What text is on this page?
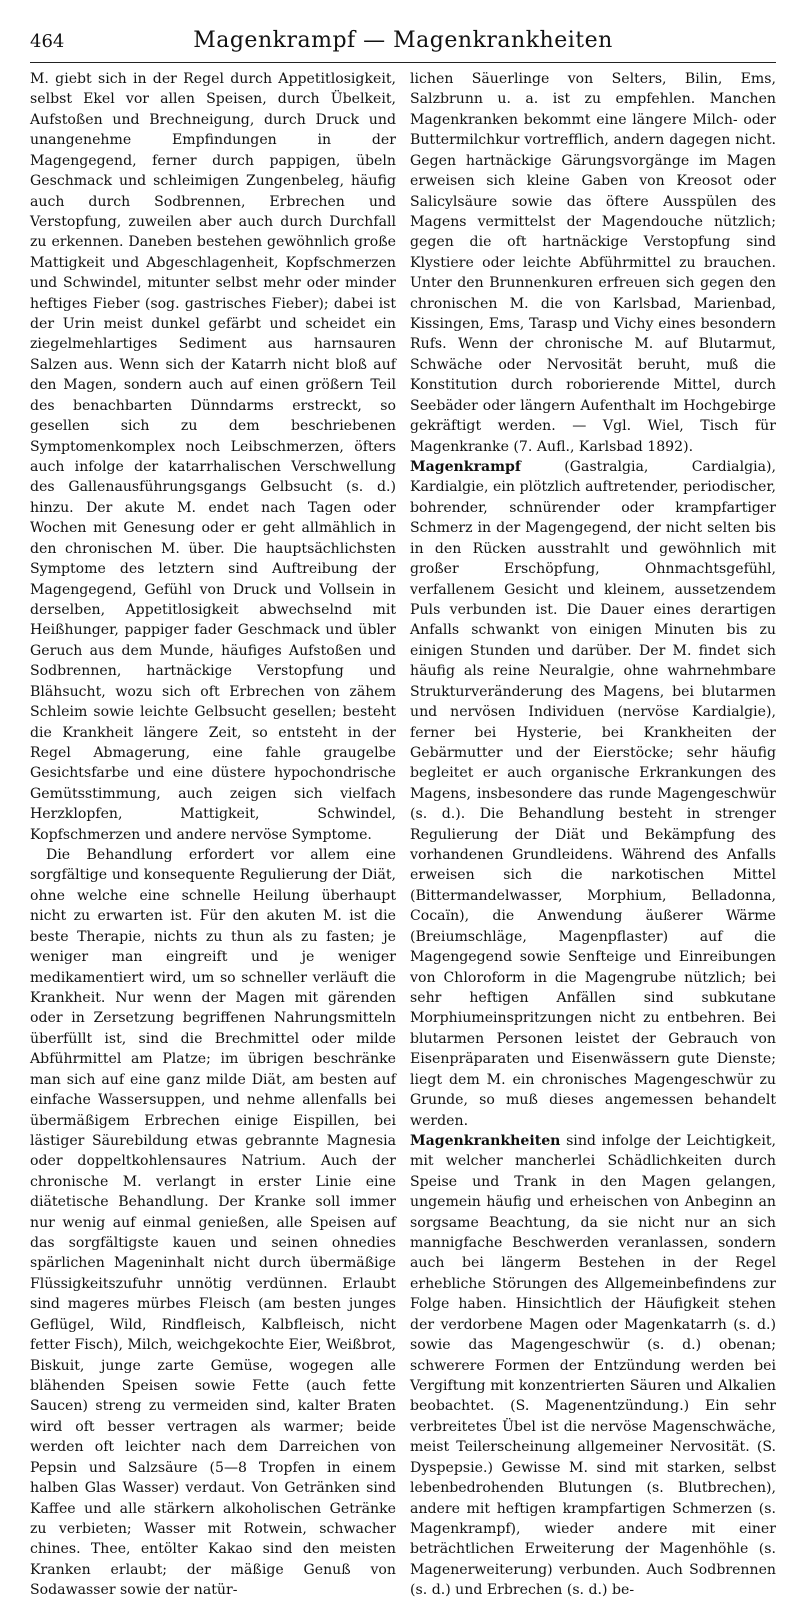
464	Magenkrampf — Magenkrankheiten

M. giebt sich in der Regel durch Appetitlosigkeit, selbst Ekel vor allen Speisen, durch Übelkeit, Aufstoßen und Brechneigung, durch Druck und unangenehme Empfindungen in der Magengegend, ferner durch pappigen, übeln Geschmack und schleimigen Zungenbeleg, häufig auch durch Sodbrennen, Erbrechen und Verstopfung, zuweilen aber auch durch Durchfall zu erkennen. Daneben bestehen gewöhnlich große Mattigkeit und Abgeschlagenheit, Kopfschmerzen und Schwindel, mitunter selbst mehr oder minder heftiges Fieber (sog. gastrisches Fieber); dabei ist der Urin meist dunkel gefärbt und scheidet ein ziegelmehlartiges Sediment aus harnsauren Salzen aus. Wenn sich der Katarrh nicht bloß auf den Magen, sondern auch auf einen größern Teil des benachbarten Dünndarms erstreckt, so gesellen sich zu dem beschriebenen Symptomenkomplex noch Leibschmerzen, öfters auch infolge der katarrhalischen Verschwellung des Gallenausführungsgangs Gelbsucht (s. d.) hinzu. Der akute M. endet nach Tagen oder Wochen mit Genesung oder er geht allmählich in den chronischen M. über. Die hauptsächlichsten Symptome des letztern sind Auftreibung der Magengegend, Gefühl von Druck und Vollsein in derselben, Appetitlosigkeit abwechselnd mit Heißhunger, pappiger fader Geschmack und übler Geruch aus dem Munde, häufiges Aufstoßen und Sodbrennen, hartnäckige Verstopfung und Blähsucht, wozu sich oft Erbrechen von zähem Schleim sowie leichte Gelbsucht gesellen; besteht die Krankheit längere Zeit, so entsteht in der Regel Abmagerung, eine fahle graugelbe Gesichtsfarbe und eine düstere hypochondrische Gemütsstimmung, auch zeigen sich vielfach Herzklopfen, Mattigkeit, Schwindel, Kopfschmerzen und andere nervöse Symptome.

Die Behandlung erfordert vor allem eine sorgfältige und konsequente Regulierung der Diät, ohne welche eine schnelle Heilung überhaupt nicht zu erwarten ist. Für den akuten M. ist die beste Therapie, nichts zu thun als zu fasten; je weniger man eingreift und je weniger medikamentiert wird, um so schneller verläuft die Krankheit. Nur wenn der Magen mit gärenden oder in Zersetzung begriffenen Nahrungsmitteln überfüllt ist, sind die Brechmittel oder milde Abführmittel am Platze; im übrigen beschränke man sich auf eine ganz milde Diät, am besten auf einfache Wassersuppen, und nehme allenfalls bei übermäßigem Erbrechen einige Eispillen, bei lästiger Säurebildung etwas gebrannte Magnesia oder doppeltkohlensaures Natrium. Auch der chronische M. verlangt in erster Linie eine diätetische Behandlung. Der Kranke soll immer nur wenig auf einmal genießen, alle Speisen auf das sorgfältigste kauen und seinen ohnedies spärlichen Mageninhalt nicht durch übermäßige Flüssigkeitszufuhr unnötig verdünnen. Erlaubt sind mageres mürbes Fleisch (am besten junges Geflügel, Wild, Rindfleisch, Kalbfleisch, nicht fetter Fisch), Milch, weichgekochte Eier, Weißbrot, Biskuit, junge zarte Gemüse, wogegen alle blähenden Speisen sowie Fette (auch fette Saucen) streng zu vermeiden sind, kalter Braten wird oft besser vertragen als warmer; beide werden oft leichter nach dem Darreichen von Pepsin und Salzsäure (5—8 Tropfen in einem halben Glas Wasser) verdaut. Von Getränken sind Kaffee und alle stärkern alkoholischen Getränke zu verbieten; Wasser mit Rotwein, schwacher chines. Thee, entölter Kakao sind den meisten Kranken erlaubt; der mäßige Genuß von Sodawasser sowie der natür-

lichen Säuerlinge von Selters, Bilin, Ems, Salzbrunn u. a. ist zu empfehlen. Manchen Magenkranken bekommt eine längere Milch- oder Buttermilchkur vortrefflich, andern dagegen nicht. Gegen hartnäckige Gärungsvorgänge im Magen erweisen sich kleine Gaben von Kreosot oder Salicylsäure sowie das öftere Ausspülen des Magens vermittelst der Magendouche nützlich; gegen die oft hartnäckige Verstopfung sind Klystiere oder leichte Abführmittel zu brauchen. Unter den Brunnenkuren erfreuen sich gegen den chronischen M. die von Karlsbad, Marienbad, Kissingen, Ems, Tarasp und Vichy eines besondern Rufs. Wenn der chronische M. auf Blutarmut, Schwäche oder Nervosität beruht, muß die Konstitution durch roborierende Mittel, durch Seebäder oder längern Aufenthalt im Hochgebirge gekräftigt werden. — Vgl. Wiel, Tisch für Magenkranke (7. Aufl., Karlsbad 1892).

Magenkrampf (Gastralgia, Cardialgia), Kardialgie, ein plötzlich auftretender, periodischer, bohrender, schnürender oder krampfartiger Schmerz in der Magengegend, der nicht selten bis in den Rücken ausstrahlt und gewöhnlich mit großer Erschöpfung, Ohnmachtsgefühl, verfallenem Gesicht und kleinem, aussetzendem Puls verbunden ist. Die Dauer eines derartigen Anfalls schwankt von einigen Minuten bis zu einigen Stunden und darüber. Der M. findet sich häufig als reine Neuralgie, ohne wahrnehmbare Strukturveränderung des Magens, bei blutarmen und nervösen Individuen (nervöse Kardialgie), ferner bei Hysterie, bei Krankheiten der Gebärmutter und der Eierstöcke; sehr häufig begleitet er auch organische Erkrankungen des Magens, insbesondere das runde Magengeschwür (s. d.). Die Behandlung besteht in strenger Regulierung der Diät und Bekämpfung des vorhandenen Grundleidens. Während des Anfalls erweisen sich die narkotischen Mittel (Bittermandelwasser, Morphium, Belladonna, Cocaïn), die Anwendung äußerer Wärme (Breiumschläge, Magenpflaster) auf die Magengegend sowie Senfteige und Einreibungen von Chloroform in die Magengrube nützlich; bei sehr heftigen Anfällen sind subkutane Morphiumeinspritzungen nicht zu entbehren. Bei blutarmen Personen leistet der Gebrauch von Eisenpräparaten und Eisenwässern gute Dienste; liegt dem M. ein chronisches Magengeschwür zu Grunde, so muß dieses angemessen behandelt werden.

Magenkrankheiten sind infolge der Leichtigkeit, mit welcher mancherlei Schädlichkeiten durch Speise und Trank in den Magen gelangen, ungemein häufig und erheischen von Anbeginn an sorgsame Beachtung, da sie nicht nur an sich mannigfache Beschwerden veranlassen, sondern auch bei längerm Bestehen in der Regel erhebliche Störungen des Allgemeinbefindens zur Folge haben. Hinsichtlich der Häufigkeit stehen der verdorbene Magen oder Magenkatarrh (s. d.) sowie das Magengeschwür (s. d.) obenan; schwerere Formen der Entzündung werden bei Vergiftung mit konzentrierten Säuren und Alkalien beobachtet. (S. Magenentzündung.) Ein sehr verbreitetes Übel ist die nervöse Magenschwäche, meist Teilerscheinung allgemeiner Nervosität. (S. Dyspepsie.) Gewisse M. sind mit starken, selbst lebenbedrohenden Blutungen (s. Blutbrechen), andere mit heftigen krampfartigen Schmerzen (s. Magenkrampf), wieder andere mit einer beträchtlichen Erweiterung der Magenhöhle (s. Magenerweiterung) verbunden. Auch Sodbrennen (s. d.) und Erbrechen (s. d.) be-
